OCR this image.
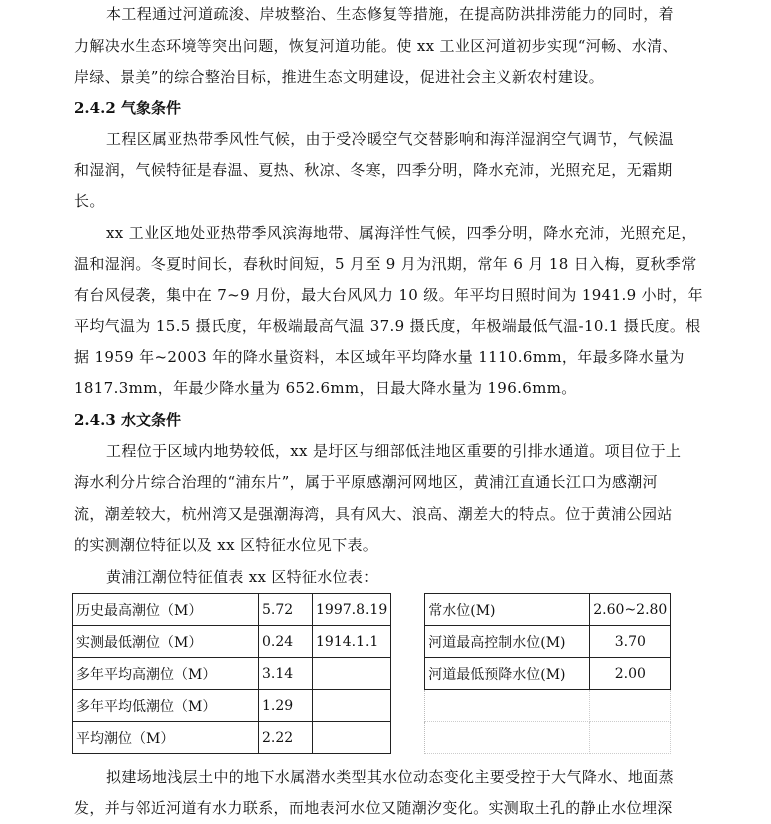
本工程通过河道疏浚、岸坡整治、生态修复等措施，在提高防洪排涝能力的同时，着
力解决水生态环境等突出问题，恢复河道功能。使 xx 工业区河道初步实现“河畅、水清、
岸绿、景美”的综合整治目标，推进生态文明建设，促进社会主义新农村建设。
2.4.2 气象条件
工程区属亚热带季风性气候，由于受冷暖空气交替影响和海洋湿润空气调节，气候温
和湿润，气候特征是春温、夏热、秋凉、冬寒，四季分明，降水充沛，光照充足，无霜期
长。
xx 工业区地处亚热带季风滨海地带、属海洋性气候，四季分明，降水充沛，光照充足，
温和湿润。冬夏时间长，春秋时间短，5 月至 9 月为汛期，常年 6 月 18 日入梅，夏秋季常
有台风侵袭，集中在 7~9 月份，最大台风风力 10 级。年平均日照时间为 1941.9 小时，年
平均气温为 15.5 摄氏度，年极端最高气温 37.9 摄氏度，年极端最低气温-10.1 摄氏度。根
据 1959 年~2003 年的降水量资料，本区域年平均降水量 1110.6mm，年最多降水量为
1817.3mm，年最少降水量为 652.6mm，日最大降水量为 196.6mm。
2.4.3 水文条件
工程位于区域内地势较低，xx 是圩区与细部低洼地区重要的引排水通道。项目位于上
海水利分片综合治理的“浦东片”，属于平原感潮河网地区，黄浦江直通长江口为感潮河
流，潮差较大，杭州湾又是强潮海湾，具有风大、浪高、潮差大的特点。位于黄浦公园站
的实测潮位特征以及 xx 区特征水位见下表。
黄浦江潮位特征值表 xx 区特征水位表：
历史最高潮位（M）	5.72	1997.8.19		常水位(M)	2.60~2.80
实测最低潮位（M）	0.24	1914.1.1		河道最高控制水位(M)	3.70
多年平均高潮位（M）	3.14			河道最低预降水位(M)	2.00
多年平均低潮位（M）	1.29				
平均潮位（M）	2.22				
拟建场地浅层土中的地下水属潜水类型其水位动态变化主要受控于大气降水、地面蒸
发，并与邻近河道有水力联系，而地表河水位又随潮汐变化。实测取土孔的静止水位埋深
